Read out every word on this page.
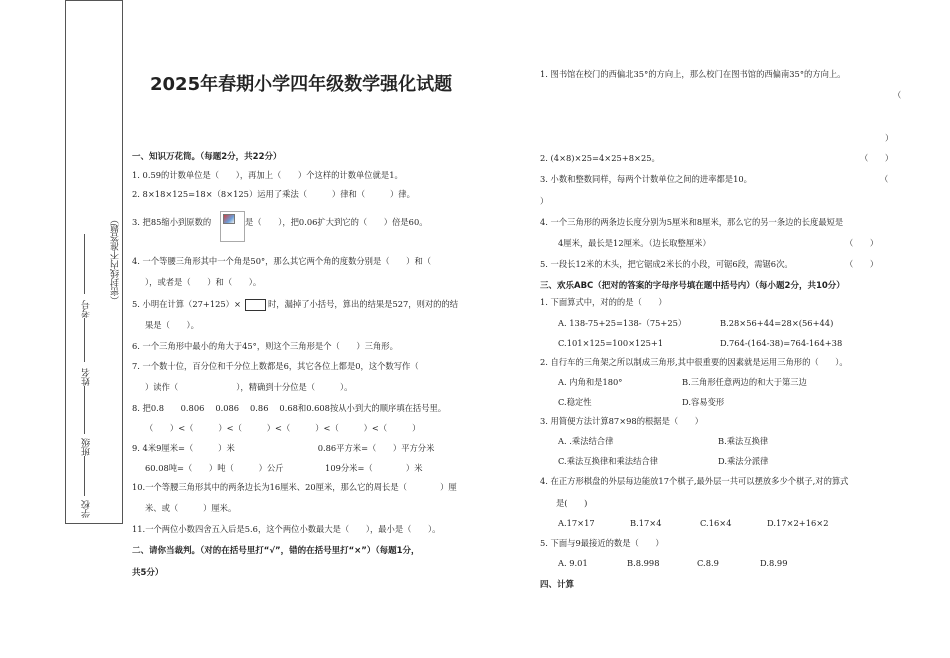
（密封线内不准答题）
考号
姓名
班级
学校
2025年春期小学四年级数学强化试题
一、知识万花筒。（每题2分，共22分）
1. 0.59的计数单位是（　　），再加上（　　）个这样的计数单位就是1。
2. 8×18×125=18×（8×125）运用了乘法（　　　）律和（　　　）律。
3. 把85缩小到原数的	是（　　），把0.06扩大到它的（　　）倍是60。
4. 一个等腰三角形其中一个角是50°，那么其它两个角的度数分别是（　　）和（
），或者是（　　）和（　　）。
5. 小明在计算（27+125）×	时，漏掉了小括号，算出的结果是527，则对的的结
果是（　　）。
6. 一个三角形中最小的角大于45°，则这个三角形是个（　　）三角形。
7. 一个数十位，百分位和千分位上数都是6，其它各位上都是0，这个数写作（
）读作（　　　　　　　），精确到十分位是（　　　）。
8. 把0.8　　0.806　 0.086　 0.86　 0.68和0.608按从小到大的顺序填在括号里。
（　　）<（　　　）<（　　　）<（　　　）<（　　　）<（　　　）
9. 4米9厘米=（　　　）米　　　　　　　　　　0.86平方米=（　　）平方分米
60.08吨=（　　）吨（　　　）公斤　　　　　109分米=（　　　　）米
10.一个等腰三角形其中的两条边长为16厘米、20厘米，那么它的周长是（　　　　）厘
米、或（　　　）厘米。
11.一个两位小数四舍五入后是5.6，这个两位小数最大是（　　），最小是（　　）。
二、请你当裁判。（对的在括号里打“√”，错的在括号里打“×”）（每题1分，
共5分）
1. 图书馆在校门的西偏北35°的方向上，那么校门在图书馆的西偏南35°的方向上。
（
）
2. (4×8)×25=4×25+8×25。	（　　）
3. 小数和整数同样，每两个计数单位之间的进率都是10。	（
）
4. 一个三角形的两条边长度分别为5厘米和8厘米，那么它的另一条边的长度最短是
4厘米，最长是12厘米。（边长取整厘米）	（　　）
5. 一段长12米的木头，把它锯成2米长的小段，可锯6段，需锯6次。	（　　）
三、欢乐ABC（把对的答案的字母序号填在题中括号内）（每小题2分，共10分）
1. 下面算式中，对的的是（　　）
A. 138-75+25=138-（75+25）	B.28×56+44=28×(56+44)
C.101×125=100×125+1	D.764-(164-38)=764-164+38
2. 自行车的三角架之所以制成三角形,其中很重要的因素就是运用三角形的（　　）。
A. 内角和是180°	B.三角形任意两边的和大于第三边
C.稳定性	D.容易变形
3. 用简便方法计算87×98的根据是（　　）
A. .乘法结合律	B.乘法互换律
C.乘法互换律和乘法结合律	D.乘法分派律
4. 在正方形棋盘的外层每边能放17个棋子,最外层一共可以摆放多少个棋子,对的算式
是(　　)
A.17×17	B.17×4	C.16×4	D.17×2+16×2
5. 下面与9最接近的数是（　　）
A. 9.01	B.8.998	C.8.9	D.8.99
四、计算
